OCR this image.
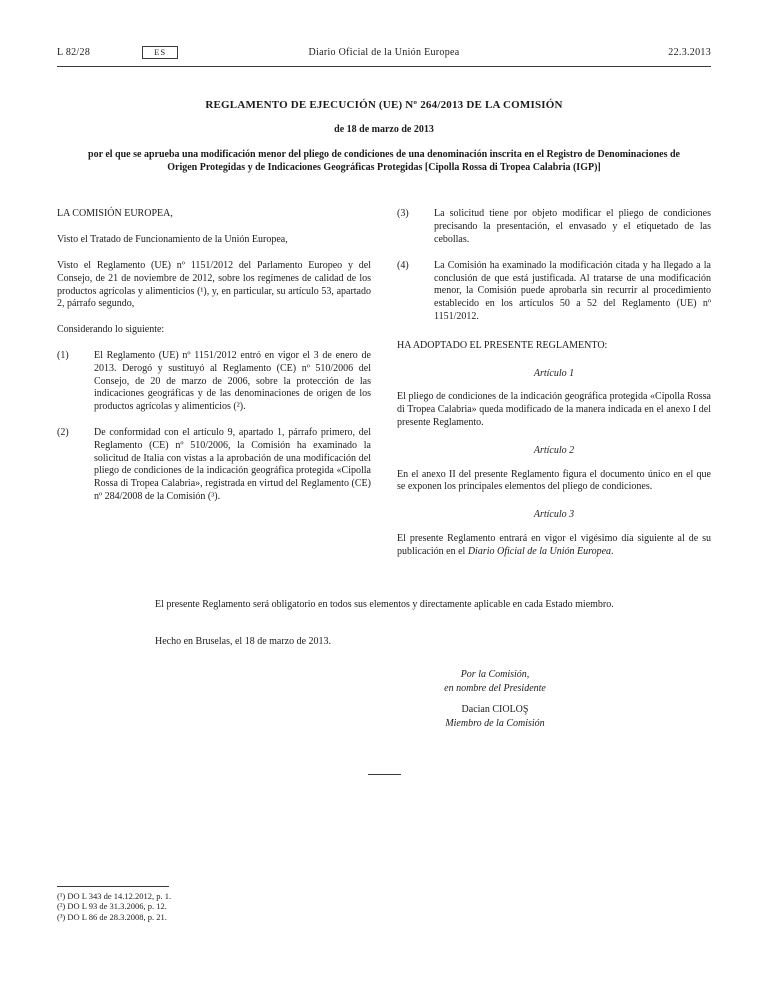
L 82/28	ES	Diario Oficial de la Unión Europea	22.3.2013
REGLAMENTO DE EJECUCIÓN (UE) Nº 264/2013 DE LA COMISIÓN
de 18 de marzo de 2013
por el que se aprueba una modificación menor del pliego de condiciones de una denominación inscrita en el Registro de Denominaciones de Origen Protegidas y de Indicaciones Geográficas Protegidas [Cipolla Rossa di Tropea Calabria (IGP)]

LA COMISIÓN EUROPEA,

Visto el Tratado de Funcionamiento de la Unión Europea,

Visto el Reglamento (UE) nº 1151/2012 del Parlamento Europeo y del Consejo, de 21 de noviembre de 2012, sobre los regímenes de calidad de los productos agrícolas y alimenticios (¹), y, en particular, su artículo 53, apartado 2, párrafo segundo,

Considerando lo siguiente:

(1)	El Reglamento (UE) nº 1151/2012 entró en vigor el 3 de enero de 2013. Derogó y sustituyó al Reglamento (CE) nº 510/2006 del Consejo, de 20 de marzo de 2006, sobre la protección de las indicaciones geográficas y de las denominaciones de origen de los productos agrícolas y alimenticios (²).
(2)	De conformidad con el artículo 9, apartado 1, párrafo primero, del Reglamento (CE) nº 510/2006, la Comisión ha examinado la solicitud de Italia con vistas a la aprobación de una modificación del pliego de condiciones de la indicación geográfica protegida «Cipolla Rossa di Tropea Calabria», registrada en virtud del Reglamento (CE) nº 284/2008 de la Comisión (³).
(3)	La solicitud tiene por objeto modificar el pliego de condiciones precisando la presentación, el envasado y el etiquetado de las cebollas.
(4)	La Comisión ha examinado la modificación citada y ha llegado a la conclusión de que está justificada. Al tratarse de una modificación menor, la Comisión puede aprobarla sin recurrir al procedimiento establecido en los artículos 50 a 52 del Reglamento (UE) nº 1151/2012.

HA ADOPTADO EL PRESENTE REGLAMENTO:

Artículo 1

El pliego de condiciones de la indicación geográfica protegida «Cipolla Rossa di Tropea Calabria» queda modificado de la manera indicada en el anexo I del presente Reglamento.

Artículo 2

En el anexo II del presente Reglamento figura el documento único en el que se exponen los principales elementos del pliego de condiciones.

Artículo 3

El presente Reglamento entrará en vigor el vigésimo día siguiente al de su publicación en el Diario Oficial de la Unión Europea.

El presente Reglamento será obligatorio en todos sus elementos y directamente aplicable en cada Estado miembro.

Hecho en Bruselas, el 18 de marzo de 2013.

Por la Comisión,
en nombre del Presidente
Dacian CIOLOŞ
Miembro de la Comisión
(¹) DO L 343 de 14.12.2012, p. 1.
(²) DO L 93 de 31.3.2006, p. 12.
(³) DO L 86 de 28.3.2008, p. 21.
